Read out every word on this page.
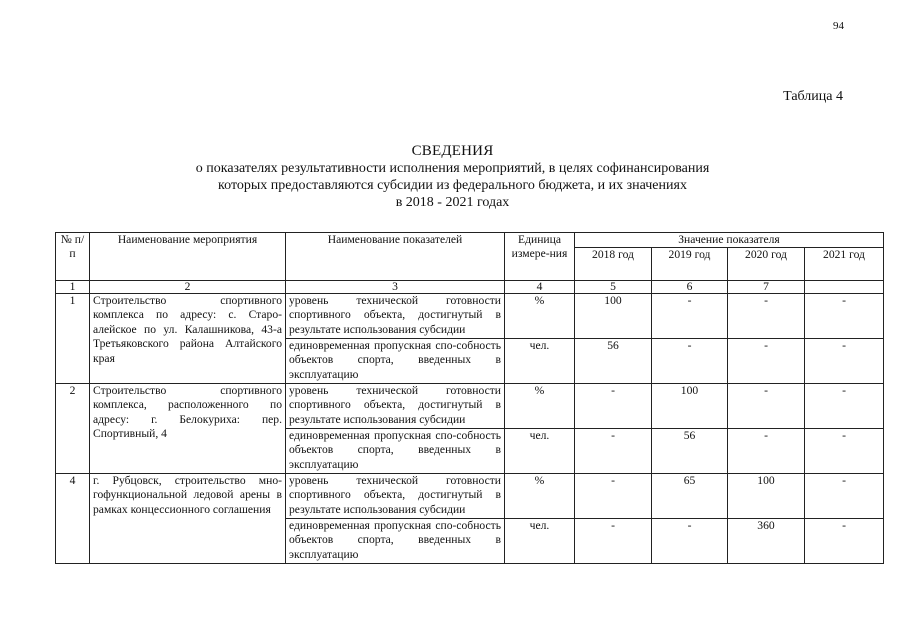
94
Таблица 4
СВЕДЕНИЯ
о показателях результативности исполнения мероприятий, в целях софинансирования
которых предоставляются субсидии из федерального бюджета, и их значениях
в 2018 - 2021 годах
№ п/п	Наименование мероприятия	Наименование показателей	Единица измере-ния	Значение показателя			
				2018 год	2019 год	2020 год	2021 год
1	2	3	4	5	6	7	
1	Строительство спортивного комплекса по адресу: с. Старо-алейское по ул. Калашникова, 43-а Третьяковского района Алтайского края	уровень технической готовности спортивного объекта, достигнутый в результате использования субсидии	%	100	-	-	-
		единовременная пропускная спо-собность объектов спорта, введенных в эксплуатацию	чел.	56	-	-	-
2	Строительство спортивного комплекса, расположенного по адресу: г. Белокуриха: пер. Спортивный, 4	уровень технической готовности спортивного объекта, достигнутый в результате использования субсидии	%	-	100	-	-
		единовременная пропускная спо-собность объектов спорта, введенных в эксплуатацию	чел.	-	56	-	-
4	г. Рубцовск, строительство мно-гофункциональной ледовой арены в рамках концессионного соглашения	уровень технической готовности спортивного объекта, достигнутый в результате использования субсидии	%	-	65	100	-
		единовременная пропускная спо-собность объектов спорта, введенных в эксплуатацию	чел.	-	-	360	-
